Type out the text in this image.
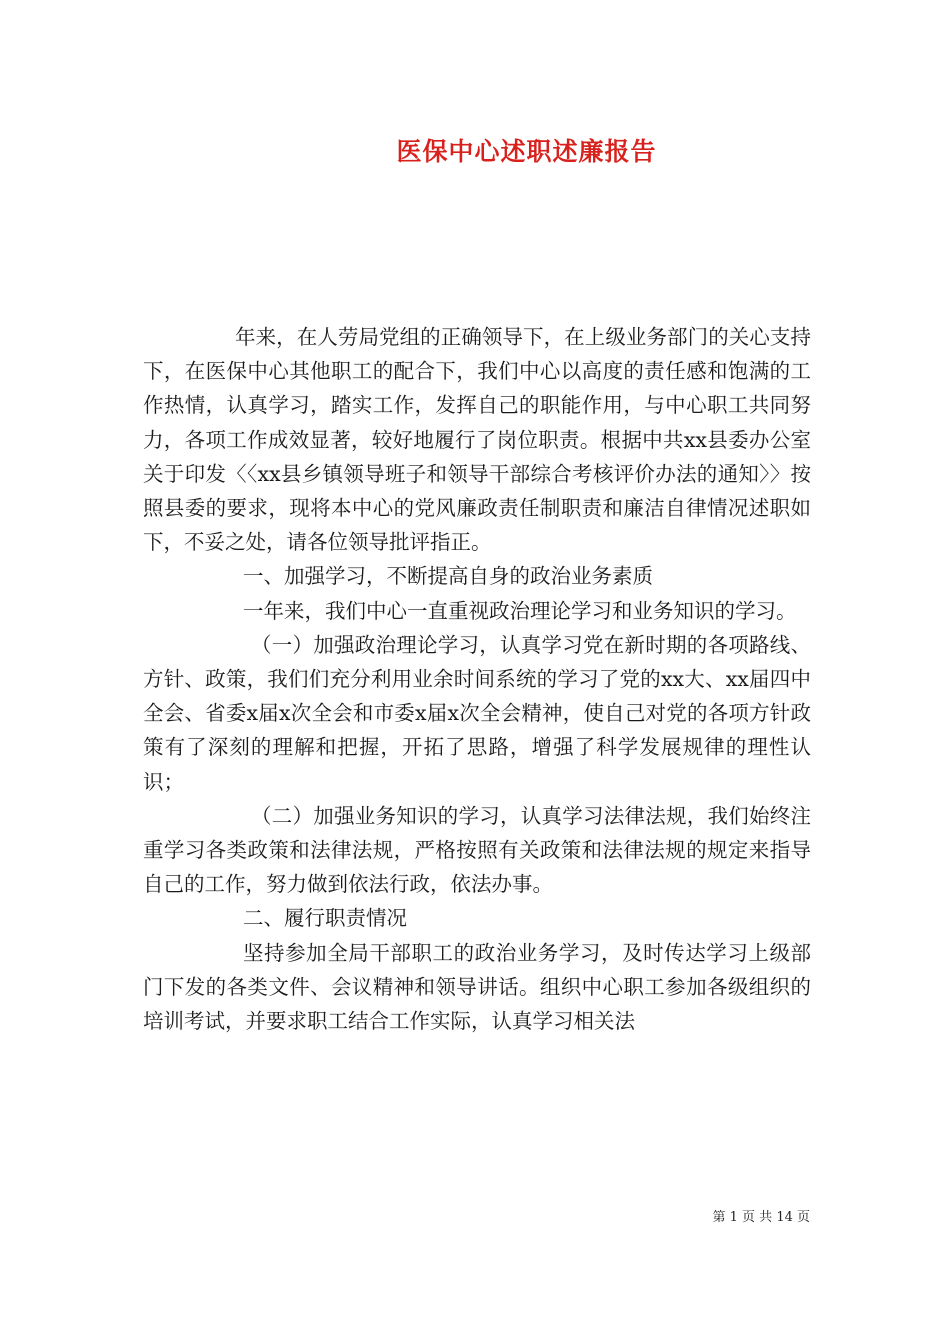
医保中心述职述廉报告

年来，在人劳局党组的正确领导下，在上级业务部门的关心支持下，在医保中心其他职工的配合下，我们中心以高度的责任感和饱满的工作热情，认真学习，踏实工作，发挥自己的职能作用，与中心职工共同努力，各项工作成效显著，较好地履行了岗位职责。根据中共xx县委办公室关于印发〈〈xx县乡镇领导班子和领导干部综合考核评价办法的通知〉〉按照县委的要求，现将本中心的党风廉政责任制职责和廉洁自律情况述职如下，不妥之处，请各位领导批评指正。

一、加强学习，不断提高自身的政治业务素质

一年来，我们中心一直重视政治理论学习和业务知识的学习。

（一）加强政治理论学习，认真学习党在新时期的各项路线、方针、政策，我们们充分利用业余时间系统的学习了党的xx大、xx届四中全会、省委x届x次全会和市委x届x次全会精神，使自己对党的各项方针政策有了深刻的理解和把握，开拓了思路，增强了科学发展规律的理性认识；

（二）加强业务知识的学习，认真学习法律法规，我们始终注重学习各类政策和法律法规，严格按照有关政策和法律法规的规定来指导自己的工作，努力做到依法行政，依法办事。

二、履行职责情况

坚持参加全局干部职工的政治业务学习，及时传达学习上级部门下发的各类文件、会议精神和领导讲话。组织中心职工参加各级组织的培训考试，并要求职工结合工作实际，认真学习相关法

第 1 页 共 14 页
